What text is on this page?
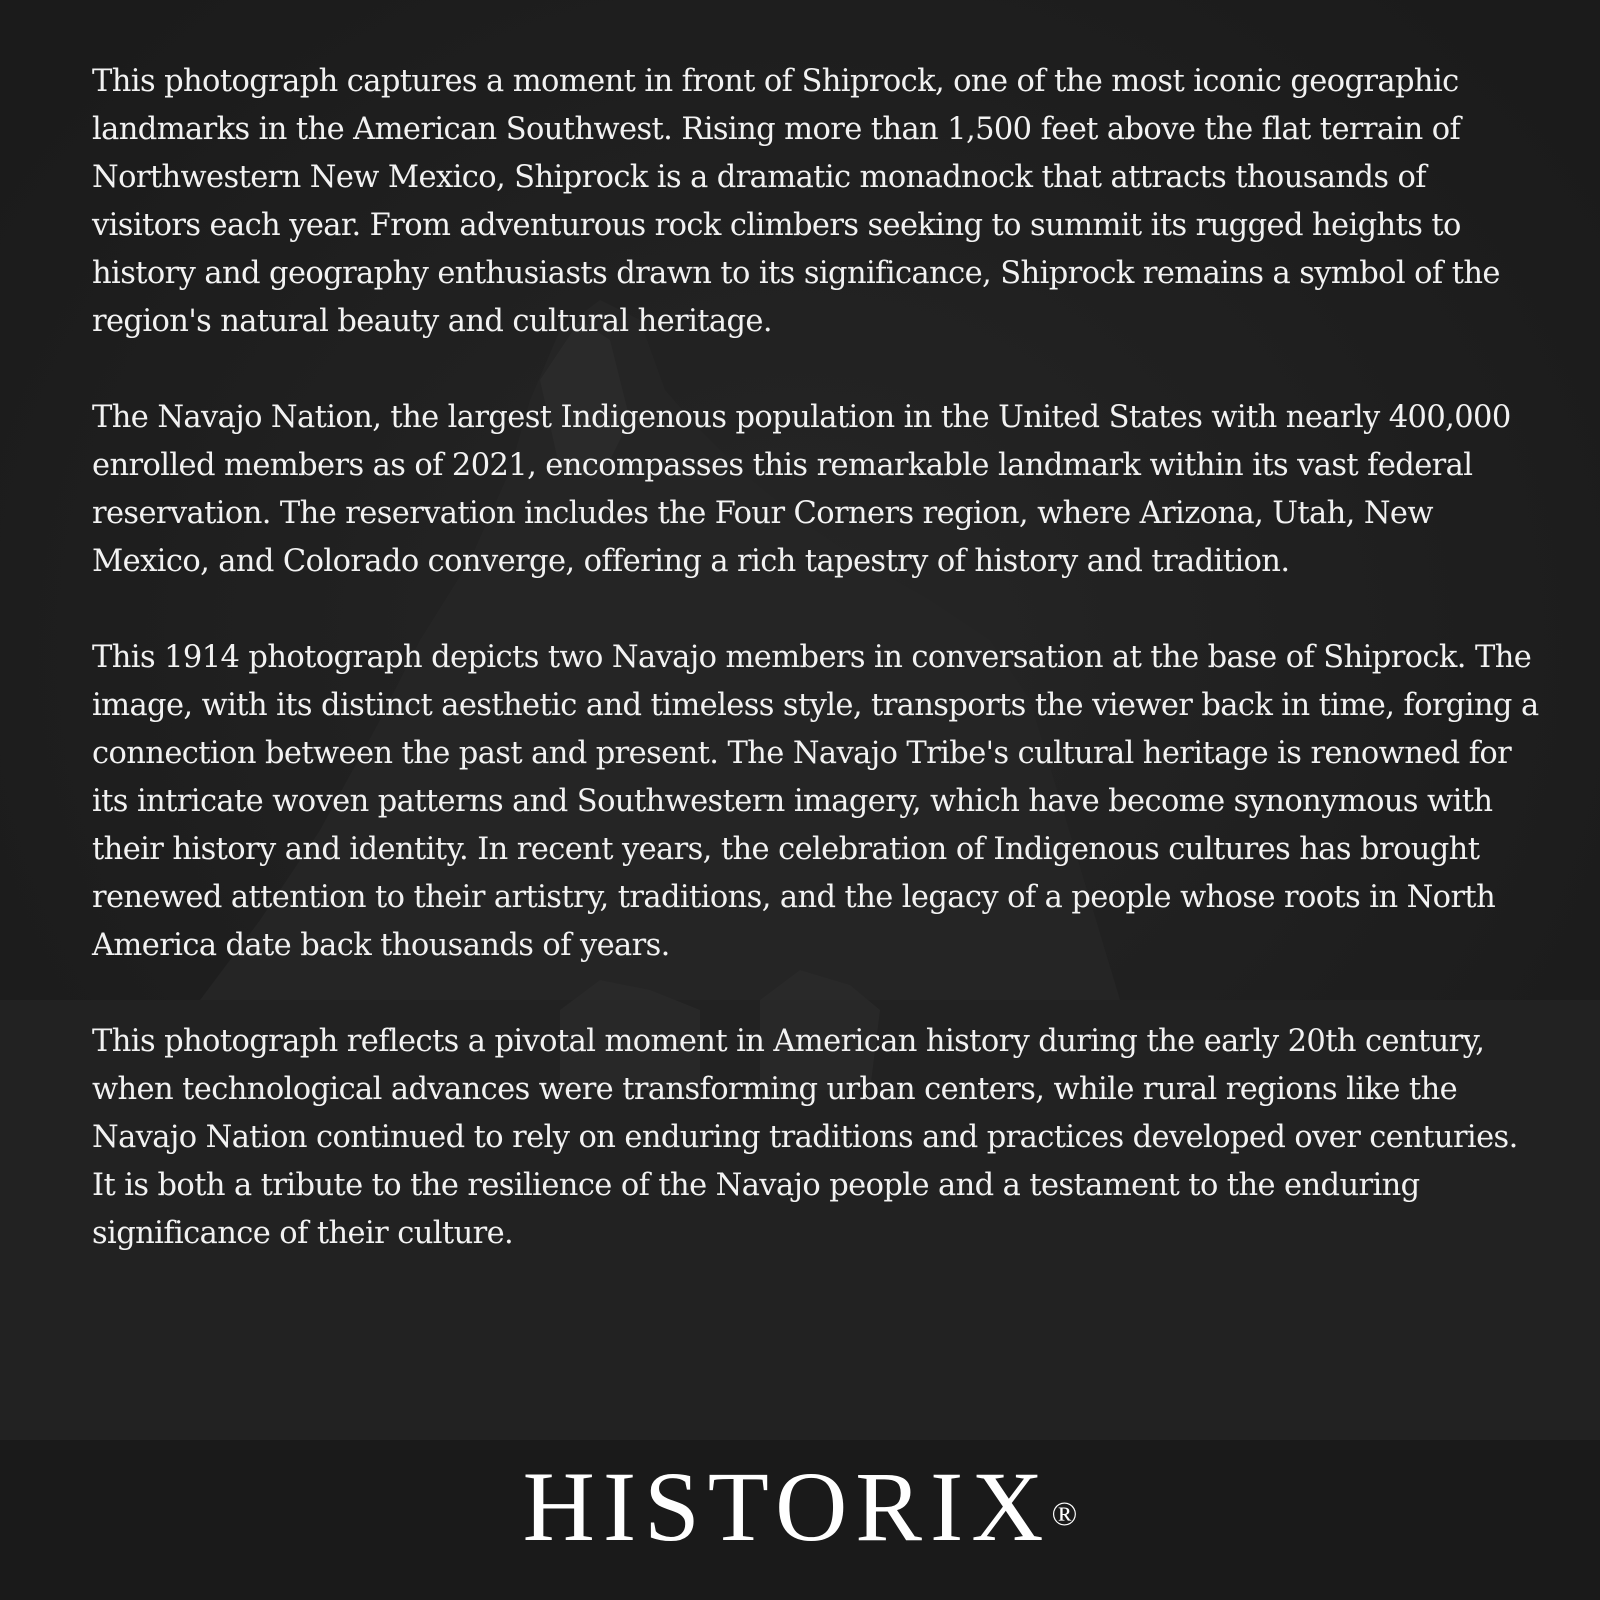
This photograph captures a moment in front of Shiprock, one of the most iconic geographic landmarks in the American Southwest. Rising more than 1,500 feet above the flat terrain of Northwestern New Mexico, Shiprock is a dramatic monadnock that attracts thousands of visitors each year. From adventurous rock climbers seeking to summit its rugged heights to history and geography enthusiasts drawn to its significance, Shiprock remains a symbol of the region's natural beauty and cultural heritage.

The Navajo Nation, the largest Indigenous population in the United States with nearly 400,000 enrolled members as of 2021, encompasses this remarkable landmark within its vast federal reservation. The reservation includes the Four Corners region, where Arizona, Utah, New Mexico, and Colorado converge, offering a rich tapestry of history and tradition.

This 1914 photograph depicts two Navajo members in conversation at the base of Shiprock. The image, with its distinct aesthetic and timeless style, transports the viewer back in time, forging a connection between the past and present. The Navajo Tribe's cultural heritage is renowned for its intricate woven patterns and Southwestern imagery, which have become synonymous with their history and identity. In recent years, the celebration of Indigenous cultures has brought renewed attention to their artistry, traditions, and the legacy of a people whose roots in North America date back thousands of years.

This photograph reflects a pivotal moment in American history during the early 20th century, when technological advances were transforming urban centers, while rural regions like the Navajo Nation continued to rely on enduring traditions and practices developed over centuries. It is both a tribute to the resilience of the Navajo people and a testament to the enduring significance of their culture.

HISTORIX®
